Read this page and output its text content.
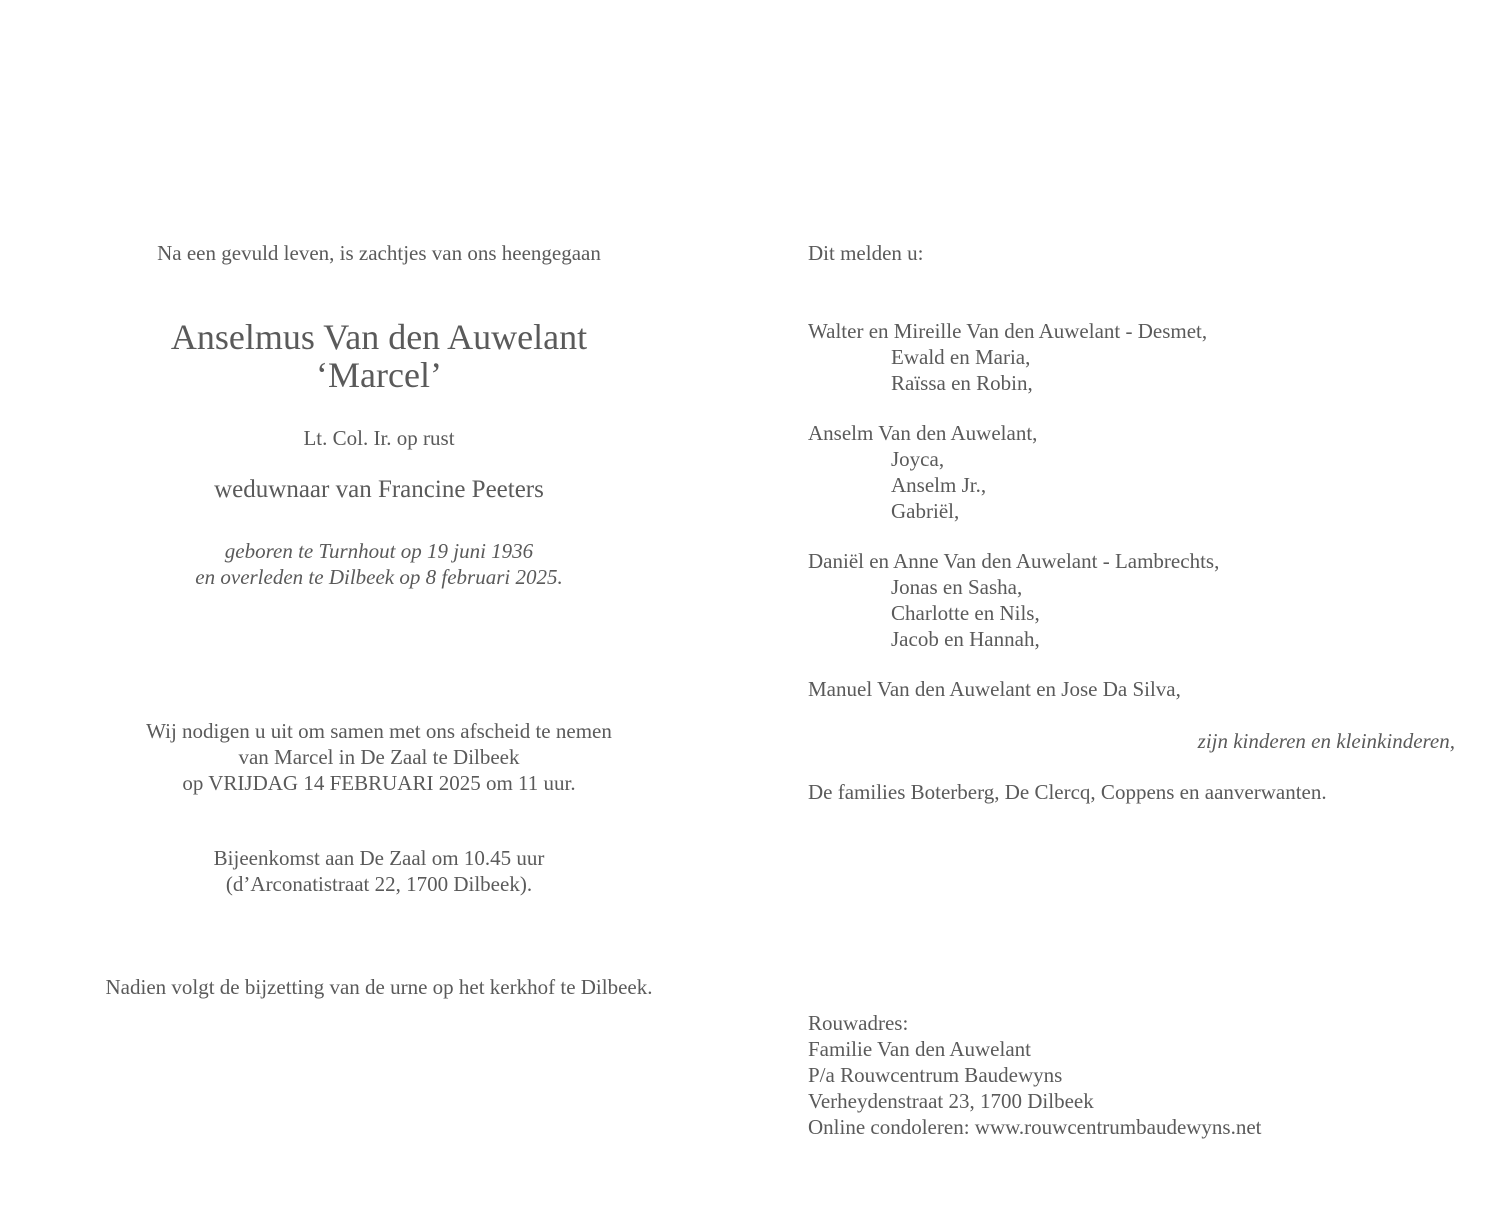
Na een gevuld leven, is zachtjes van ons heengegaan
Anselmus Van den Auwelant
‘Marcel’
Lt. Col. Ir. op rust
weduwnaar van Francine Peeters
geboren te Turnhout op 19 juni 1936
en overleden te Dilbeek op 8 februari 2025.
Wij nodigen u uit om samen met ons afscheid te nemen
van Marcel in De Zaal te Dilbeek
op VRIJDAG 14 FEBRUARI 2025 om 11 uur.
Bijeenkomst aan De Zaal om 10.45 uur
(d’Arconatistraat 22, 1700 Dilbeek).
Nadien volgt de bijzetting van de urne op het kerkhof te Dilbeek.
Dit melden u:
Walter en Mireille Van den Auwelant - Desmet,
Ewald en Maria,
Raïssa en Robin,
Anselm Van den Auwelant,
Joyca,
Anselm Jr.,
Gabriël,
Daniël en Anne Van den Auwelant - Lambrechts,
Jonas en Sasha,
Charlotte en Nils,
Jacob en Hannah,
Manuel Van den Auwelant en Jose Da Silva,
zijn kinderen en kleinkinderen,
De families Boterberg, De Clercq, Coppens en aanverwanten.
Rouwadres:
Familie Van den Auwelant
P/a Rouwcentrum Baudewyns
Verheydenstraat 23, 1700 Dilbeek
Online condoleren: www.rouwcentrumbaudewyns.net
